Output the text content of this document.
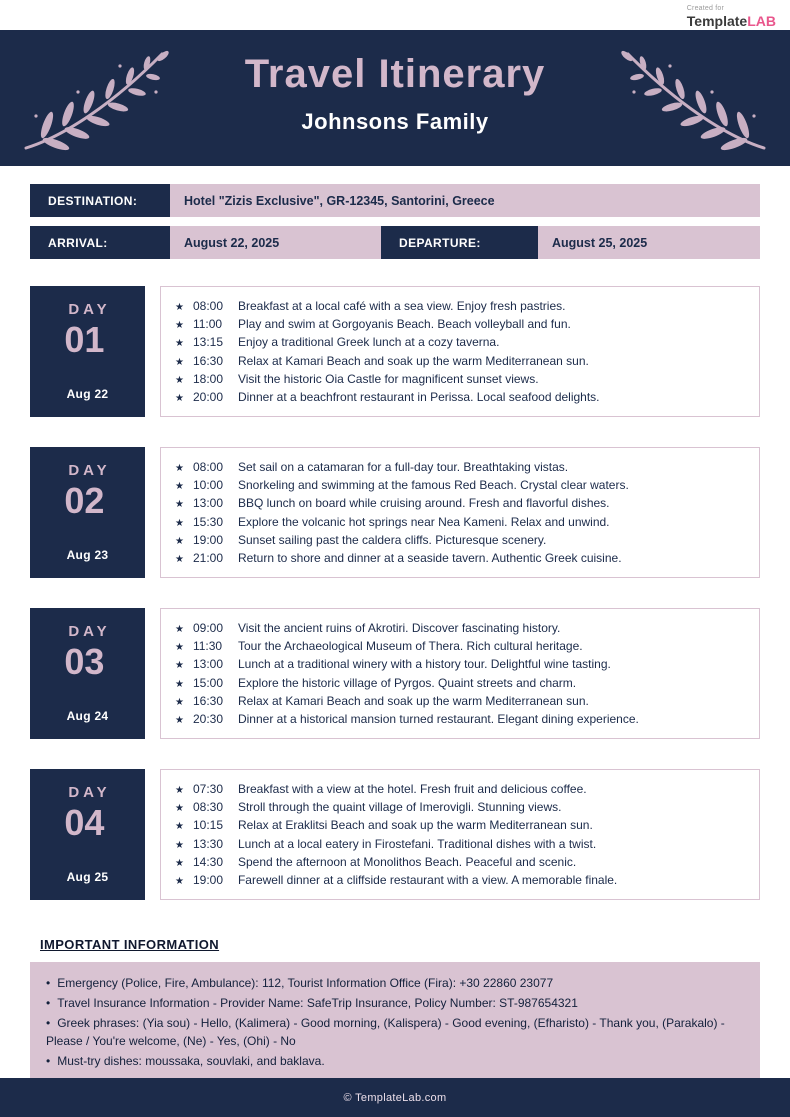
Created for
TemplateLAB
Travel Itinerary
Johnsons Family
DESTINATION:	Hotel "Zizis Exclusive", GR-12345, Santorini, Greece
ARRIVAL:	August 22, 2025	DEPARTURE:	August 25, 2025
DAY
01
Aug 22
★ 08:00	Breakfast at a local café with a sea view. Enjoy fresh pastries.
★ 11:00	Play and swim at Gorgoyanis Beach. Beach volleyball and fun.
★ 13:15	Enjoy a traditional Greek lunch at a cozy taverna.
★ 16:30	Relax at Kamari Beach and soak up the warm Mediterranean sun.
★ 18:00	Visit the historic Oia Castle for magnificent sunset views.
★ 20:00	Dinner at a beachfront restaurant in Perissa. Local seafood delights.
DAY
02
Aug 23
★ 08:00	Set sail on a catamaran for a full-day tour. Breathtaking vistas.
★ 10:00	Snorkeling and swimming at the famous Red Beach. Crystal clear waters.
★ 13:00	BBQ lunch on board while cruising around. Fresh and flavorful dishes.
★ 15:30	Explore the volcanic hot springs near Nea Kameni. Relax and unwind.
★ 19:00	Sunset sailing past the caldera cliffs. Picturesque scenery.
★ 21:00	Return to shore and dinner at a seaside tavern. Authentic Greek cuisine.
DAY
03
Aug 24
★ 09:00	Visit the ancient ruins of Akrotiri. Discover fascinating history.
★ 11:30	Tour the Archaeological Museum of Thera. Rich cultural heritage.
★ 13:00	Lunch at a traditional winery with a history tour. Delightful wine tasting.
★ 15:00	Explore the historic village of Pyrgos. Quaint streets and charm.
★ 16:30	Relax at Kamari Beach and soak up the warm Mediterranean sun.
★ 20:30	Dinner at a historical mansion turned restaurant. Elegant dining experience.
DAY
04
Aug 25
★ 07:30	Breakfast with a view at the hotel. Fresh fruit and delicious coffee.
★ 08:30	Stroll through the quaint village of Imerovigli. Stunning views.
★ 10:15	Relax at Eraklitsi Beach and soak up the warm Mediterranean sun.
★ 13:30	Lunch at a local eatery in Firostefani. Traditional dishes with a twist.
★ 14:30	Spend the afternoon at Monolithos Beach. Peaceful and scenic.
★ 19:00	Farewell dinner at a cliffside restaurant with a view. A memorable finale.
IMPORTANT INFORMATION

• Emergency (Police, Fire, Ambulance): 112, Tourist Information Office (Fira): +30 22860 23077

• Travel Insurance Information - Provider Name: SafeTrip Insurance, Policy Number: ST-987654321

• Greek phrases: (Yia sou) - Hello, (Kalimera) - Good morning, (Kalispera) - Good evening, (Efharisto) - Thank you, (Parakalo) - Please / You're welcome, (Ne) - Yes, (Ohi) - No

• Must-try dishes: moussaka, souvlaki, and baklava.

© TemplateLab.com
